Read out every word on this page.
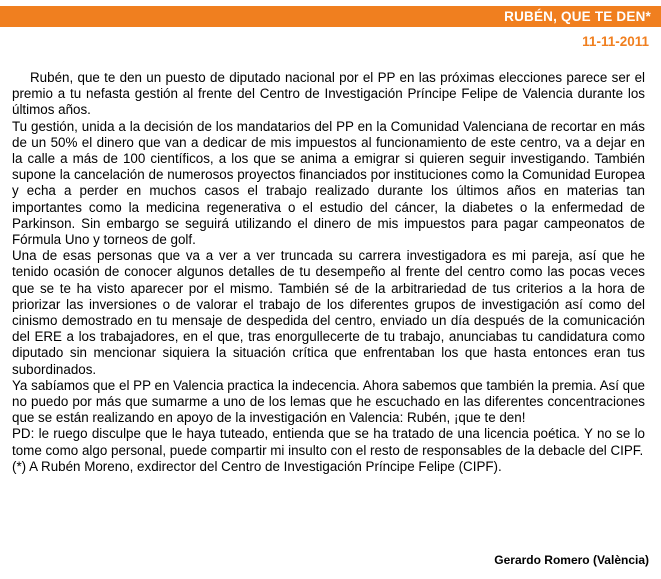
RUBÉN, QUE TE DEN*
11-11-2011

Rubén, que te den un puesto de diputado nacional por el PP en las próximas elecciones parece ser el premio a tu nefasta gestión al frente del Centro de Investigación Príncipe Felipe de Valencia durante los últimos años.

Tu gestión, unida a la decisión de los mandatarios del PP en la Comunidad Valenciana de recortar en más de un 50% el dinero que van a dedicar de mis impuestos al funcionamiento de este centro, va a dejar en la calle a más de 100 científicos, a los que se anima a emigrar si quieren seguir investigando. También supone la cancelación de numerosos proyectos financiados por instituciones como la Comunidad Europea y echa a perder en muchos casos el trabajo realizado durante los últimos años en materias tan importantes como la medicina regenerativa o el estudio del cáncer, la diabetes o la enfermedad de Parkinson. Sin embargo se seguirá utilizando el dinero de mis impuestos para pagar campeonatos de Fórmula Uno y torneos de golf.

Una de esas personas que va a ver a ver truncada su carrera investigadora es mi pareja, así que he tenido ocasión de conocer algunos detalles de tu desempeño al frente del centro como las pocas veces que se te ha visto aparecer por el mismo. También sé de la arbitrariedad de tus criterios a la hora de priorizar las inversiones o de valorar el trabajo de los diferentes grupos de investigación así como del cinismo demostrado en tu mensaje de despedida del centro, enviado un día después de la comunicación del ERE a los trabajadores, en el que, tras enorgullecerte de tu trabajo, anunciabas tu candidatura como diputado sin mencionar siquiera la situación crítica que enfrentaban los que hasta entonces eran tus subordinados.

Ya sabíamos que el PP en Valencia practica la indecencia. Ahora sabemos que también la premia. Así que no puedo por más que sumarme a uno de los lemas que he escuchado en las diferentes concentraciones que se están realizando en apoyo de la investigación en Valencia: Rubén, ¡que te den!

PD: le ruego disculpe que le haya tuteado, entienda que se ha tratado de una licencia poética. Y no se lo tome como algo personal, puede compartir mi insulto con el resto de responsables de la debacle del CIPF.

(*) A Rubén Moreno, exdirector del Centro de Investigación Príncipe Felipe (CIPF).

Gerardo Romero (València)
